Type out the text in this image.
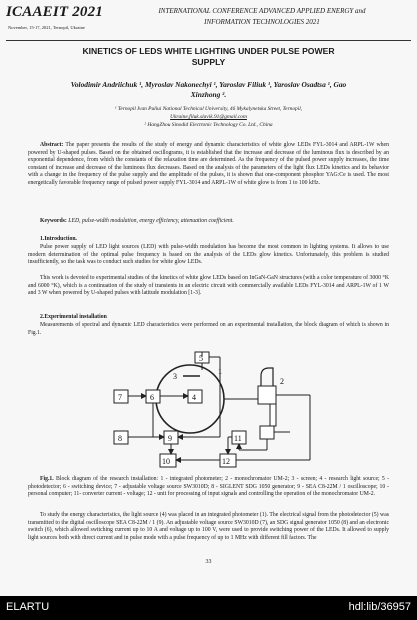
ICAAEIT 2021
November, 15-17, 2021, Ternopil, Ukraine
INTERNATIONAL CONFERENCE ADVANCED APPLIED ENERGY and
INFORMATION TECHNOLOGIES 2021
KINETICS OF LEDS WHITE LIGHTING UNDER PULSE POWER
SUPPLY
Volodimir Andriichuk ¹, Myroslav Nakonechyi ¹, Yaroslav Filiuk ¹, Yaroslav Osadtsa ¹, Gao
Xinzhong ².
¹ Ternopil Ivan Puliui National Technical University, 46 Mykalynetska Street, Ternopil,
Ukraine,filuk.slavik.91@gmail.com
² HangZhou Sinodid Electronic Technology Co. Ltd., China
Abstract: The paper presents the results of the study of energy and dynamic characteristics of white glow LEDs FYL-3014 and ARPL-1W when powered by U-shaped pulses. Based on the obtained oscillograms, it is established that the increase and decrease of the luminous flux is described by an exponential dependence, from which the constants of the relaxation time are determined. As the frequency of the pulsed power supply increases, the time constant of increase and decrease of the luminous flux decreases. Based on the analysis of the parameters of the light flux LEDs kinetics and its behavior with a change in the frequency of the pulse supply and the amplitude of the pulses, it is shown that one-component phosphor YAG:Ce is used. The most energetically favorable frequency range of pulsed power supply FYL-3014 and ARPL-1W of white glow is from 1 to 100 kHz.
Keywords: LED, pulse-width modulation, energy efficiency, attenuation coefficient.
1.Introduction.
Pulse power supply of LED light sources (LED) with pulse-width modulation has become the most common in lighting systems. It allows to use modern determination of the optimal pulse frequency is based on the analysis of the LEDs glow kinetics. Unfortunately, this problem is studied insufficiently, so the task was to conduct such studies for white glow LEDs.
This work is devoted to experimental studies of the kinetics of white glow LEDs based on InGaN-GaN structures (with a color temperature of 3000 °K and 6000 °K), which is a continuation of the study of transients in an electric circuit with commercially available LEDs FYL-3014 and ARPL-1W of 1 W and 3 W when powered by U-shaped pulses with latitude modulation [1-3].
2.Experimental installation
Measurements of spectral and dynamic LED characteristics were performed on an experimental installation, the block diagram of which is shown in Fig.1.
5
3
4
6
7
8	9
10
11
12
1
2
Fig.1. Block diagram of the research installation: 1 - integrated photometer; 2 - monochromator UM-2; 3 - screen; 4 - research light source; 5 - photodetector; 6 - switching device; 7 - adjustable voltage source SW3010D; 8 - SIGLENT SDG 1050 generator; 9 - SEA C8-22M / 1 oscilloscope; 10 - personal computer; 11- converter current - voltage; 12 - unit for processing of input signals and controlling the operation of the monochromator UM-2.
To study the energy characteristics, the light source (4) was placed in an integrated photometer (1). The electrical signal from the photodetector (5) was transmitted to the digital oscilloscope SEA C8-22M / 1 (9). An adjustable voltage source SW3010D (7), an SDG signal generator 1050 (8) and an electronic switch (6), which allowed switching current up to 10 A and voltage up to 100 V, were used to provide switching power of the LEDs. It allowed to supply light sources both with direct current and in pulse mode with a pulse frequency of up to 1 MHz with different fill factors. The
33
ELARTU	hdl:lib/36957
